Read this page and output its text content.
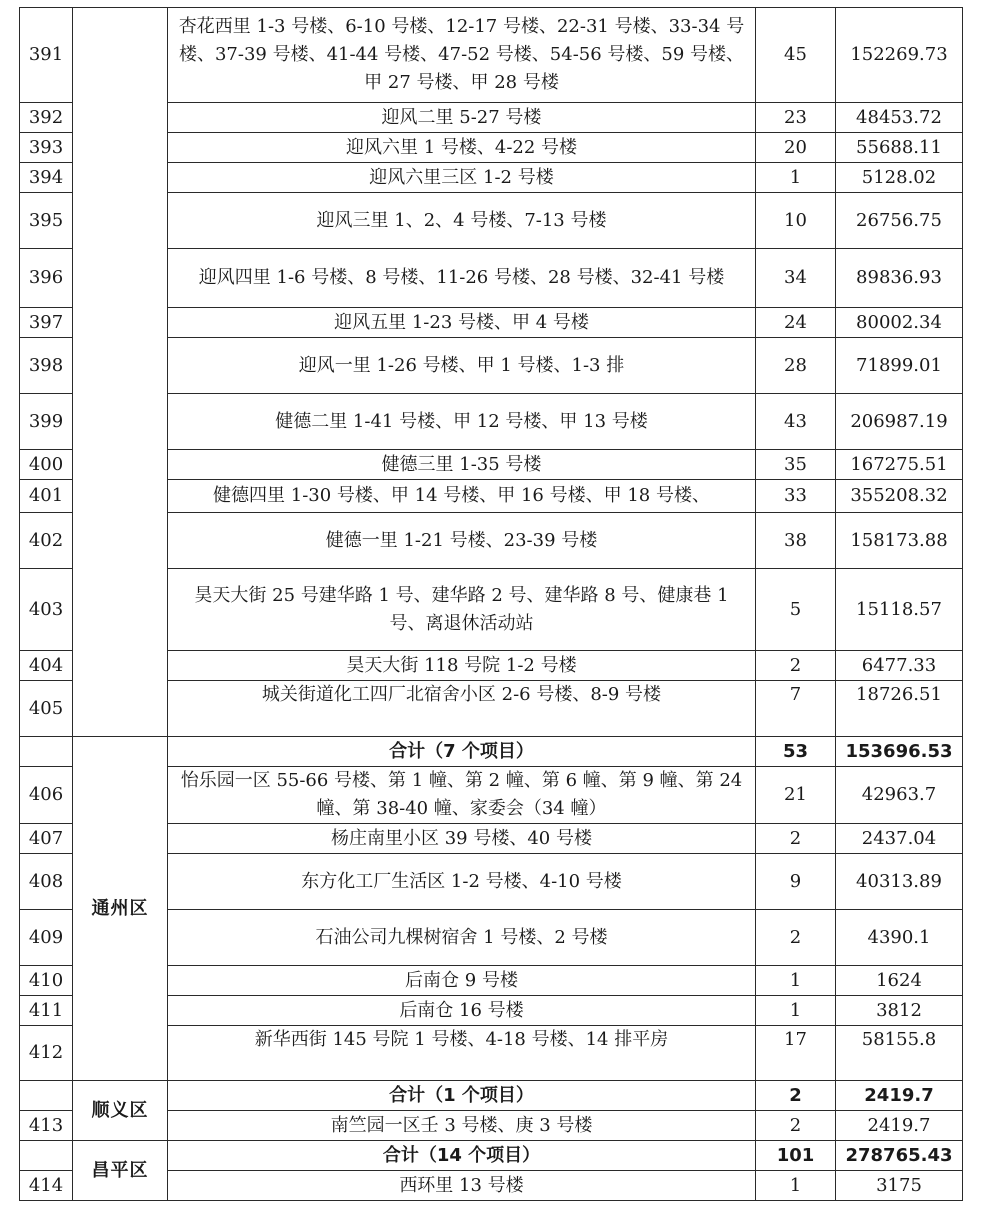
391		杏花西里 1-3 号楼、6-10 号楼、12-17 号楼、22-31 号楼、33-34 号楼、37-39 号楼、41-44 号楼、47-52 号楼、54-56 号楼、59 号楼、甲 27 号楼、甲 28 号楼	45	152269.73
392		迎风二里 5-27 号楼	23	48453.72
393		迎风六里 1 号楼、4-22 号楼	20	55688.11
394		迎风六里三区 1-2 号楼	1	5128.02
395		迎风三里 1、2、4 号楼、7-13 号楼	10	26756.75
396		迎风四里 1-6 号楼、8 号楼、11-26 号楼、28 号楼、32-41 号楼	34	89836.93
397		迎风五里 1-23 号楼、甲 4 号楼	24	80002.34
398		迎风一里 1-26 号楼、甲 1 号楼、1-3 排	28	71899.01
399		健德二里 1-41 号楼、甲 12 号楼、甲 13 号楼	43	206987.19
400		健德三里 1-35 号楼	35	167275.51
401		健德四里 1-30 号楼、甲 14 号楼、甲 16 号楼、甲 18 号楼、	33	355208.32
402		健德一里 1-21 号楼、23-39 号楼	38	158173.88
403		昊天大街 25 号建华路 1 号、建华路 2 号、建华路 8 号、健康巷 1 号、离退休活动站	5	15118.57
404		昊天大街 118 号院 1-2 号楼	2	6477.33
405		城关街道化工四厂北宿舍小区 2-6 号楼、8-9 号楼	7	18726.51
	通州区	合计（7 个项目）	53	153696.53
406		怡乐园一区 55-66 号楼、第 1 幢、第 2 幢、第 6 幢、第 9 幢、第 24 幢、第 38-40 幢、家委会（34 幢）	21	42963.7
407		杨庄南里小区 39 号楼、40 号楼	2	2437.04
408		东方化工厂生活区 1-2 号楼、4-10 号楼	9	40313.89
409		石油公司九棵树宿舍 1 号楼、2 号楼	2	4390.1
410		后南仓 9 号楼	1	1624
411		后南仓 16 号楼	1	3812
412		新华西街 145 号院 1 号楼、4-18 号楼、14 排平房	17	58155.8
	顺义区	合计（1 个项目）	2	2419.7
413		南竺园一区壬 3 号楼、庚 3 号楼	2	2419.7
	昌平区	合计（14 个项目）	101	278765.43
414		西环里 13 号楼	1	3175
